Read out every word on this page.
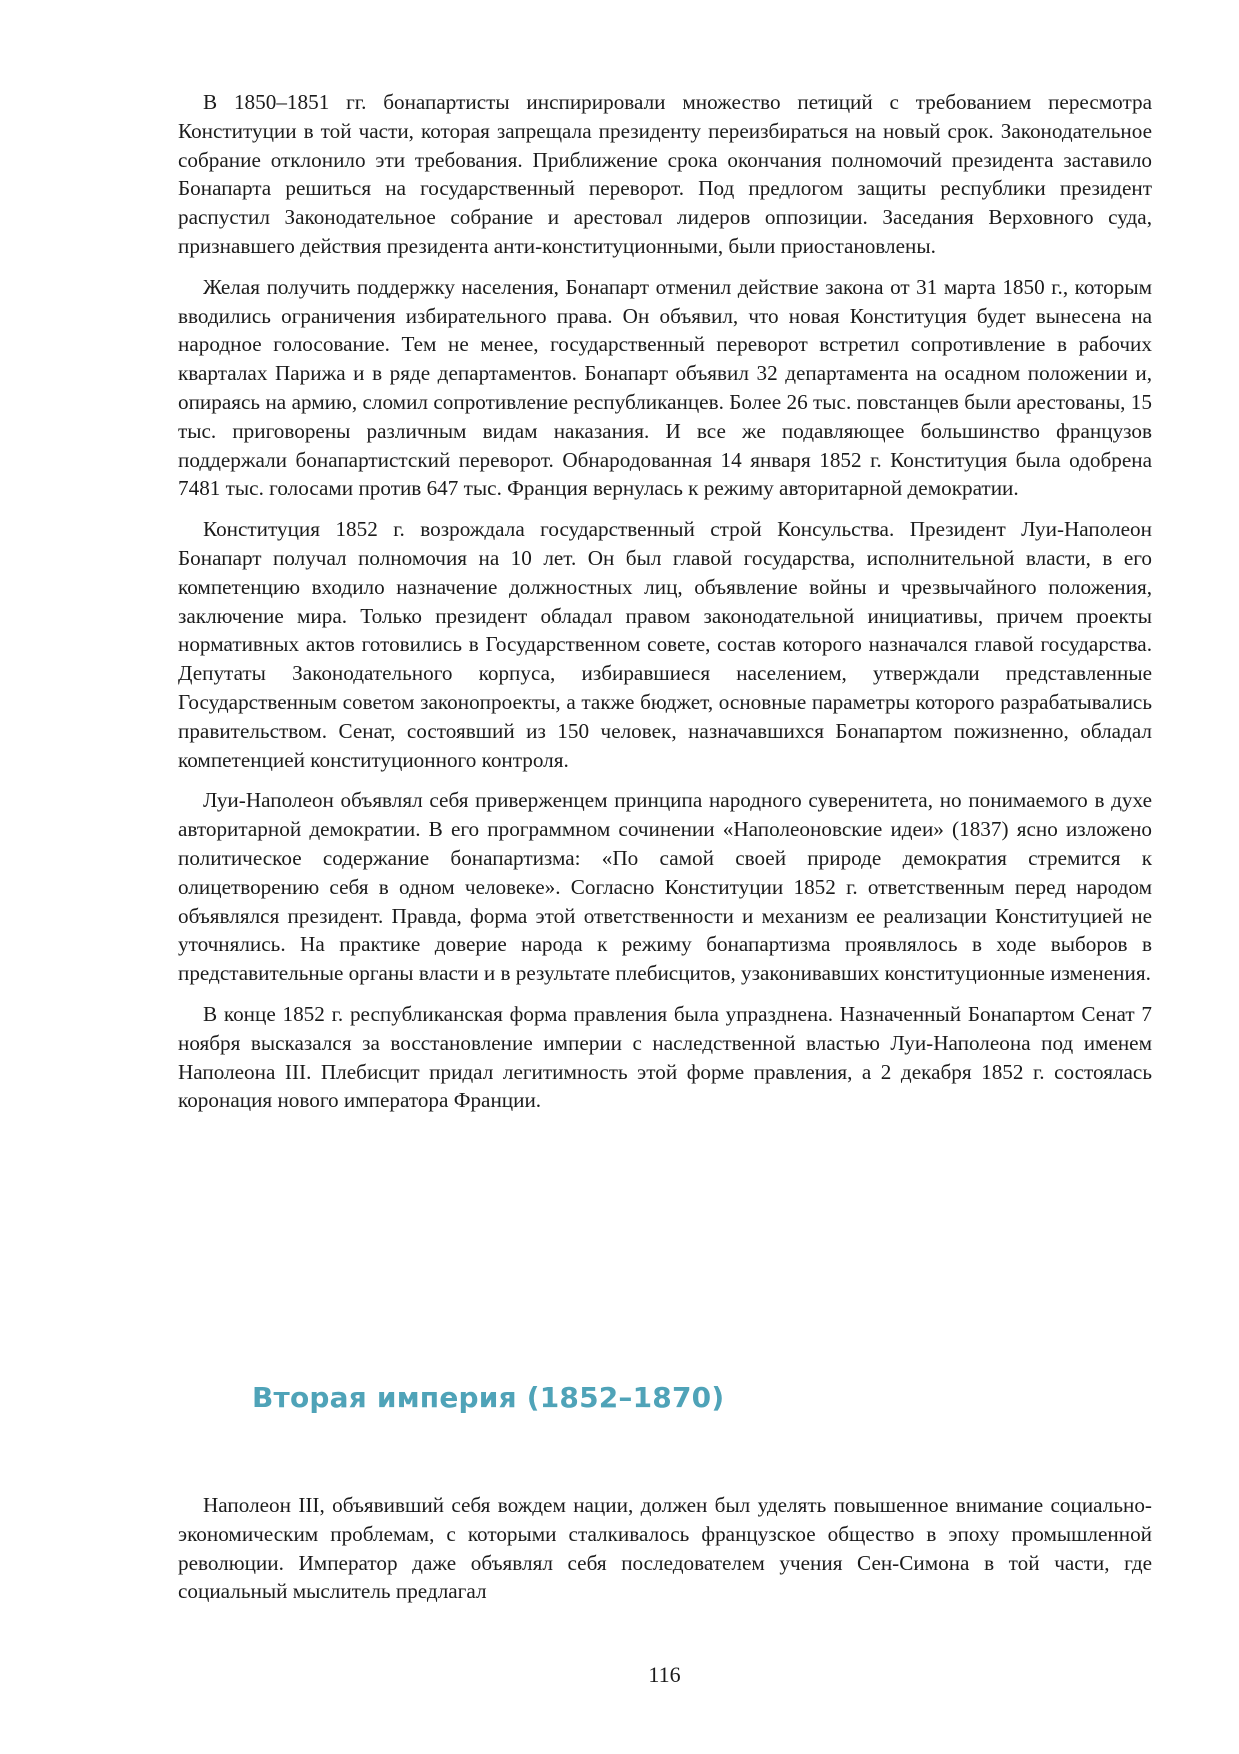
В 1850–1851 гг. бонапартисты инспирировали множество петиций с требованием пересмотра Конституции в той части, которая запрещала президенту переизбираться на новый срок. Законодательное собрание отклонило эти требования. Приближение срока окончания полномочий президента заставило Бонапарта решиться на государственный переворот. Под предлогом защиты республики президент распустил Законодательное собрание и арестовал лидеров оппозиции. Заседания Верховного суда, признавшего действия президента анти-конституционными, были приостановлены.

Желая получить поддержку населения, Бонапарт отменил действие закона от 31 марта 1850 г., которым вводились ограничения избирательного права. Он объявил, что новая Конституция будет вынесена на народное голосование. Тем не менее, государственный переворот встретил сопротивление в рабочих кварталах Парижа и в ряде департаментов. Бонапарт объявил 32 департамента на осадном положении и, опираясь на армию, сломил сопротивление республиканцев. Более 26 тыс. повстанцев были арестованы, 15 тыс. приговорены различным видам наказания. И все же подавляющее большинство французов поддержали бонапартистский переворот. Обнародованная 14 января 1852 г. Конституция была одобрена 7481 тыс. голосами против 647 тыс. Франция вернулась к режиму авторитарной демократии.

Конституция 1852 г. возрождала государственный строй Консульства. Президент Луи-Наполеон Бонапарт получал полномочия на 10 лет. Он был главой государства, исполнительной власти, в его компетенцию входило назначение должностных лиц, объявление войны и чрезвычайного положения, заключение мира. Только президент обладал правом законодательной инициативы, причем проекты нормативных актов готовились в Государственном совете, состав которого назначался главой государства. Депутаты Законодательного корпуса, избиравшиеся населением, утверждали представленные Государственным советом законопроекты, а также бюджет, основные параметры которого разрабатывались правительством. Сенат, состоявший из 150 человек, назначавшихся Бонапартом пожизненно, обладал компетенцией конституционного контроля.

Луи-Наполеон объявлял себя приверженцем принципа народного суверенитета, но понимаемого в духе авторитарной демократии. В его программном сочинении «Наполеоновские идеи» (1837) ясно изложено политическое содержание бонапартизма: «По самой своей природе демократия стремится к олицетворению себя в одном человеке». Согласно Конституции 1852 г. ответственным перед народом объявлялся президент. Правда, форма этой ответственности и механизм ее реализации Конституцией не уточнялись. На практике доверие народа к режиму бонапартизма проявлялось в ходе выборов в представительные органы власти и в результате плебисцитов, узаконивавших конституционные изменения.

В конце 1852 г. республиканская форма правления была упразднена. Назначенный Бонапартом Сенат 7 ноября высказался за восстановление империи с наследственной властью Луи-Наполеона под именем Наполеона III. Плебисцит придал легитимность этой форме правления, а 2 декабря 1852 г. состоялась коронация нового императора Франции.

Вторая империя (1852–1870)

Наполеон III, объявивший себя вождем нации, должен был уделять повышенное внимание социально-экономическим проблемам, с которыми сталкивалось французское общество в эпоху промышленной революции. Император даже объявлял себя последователем учения Сен-Симона в той части, где социальный мыслитель предлагал

116
